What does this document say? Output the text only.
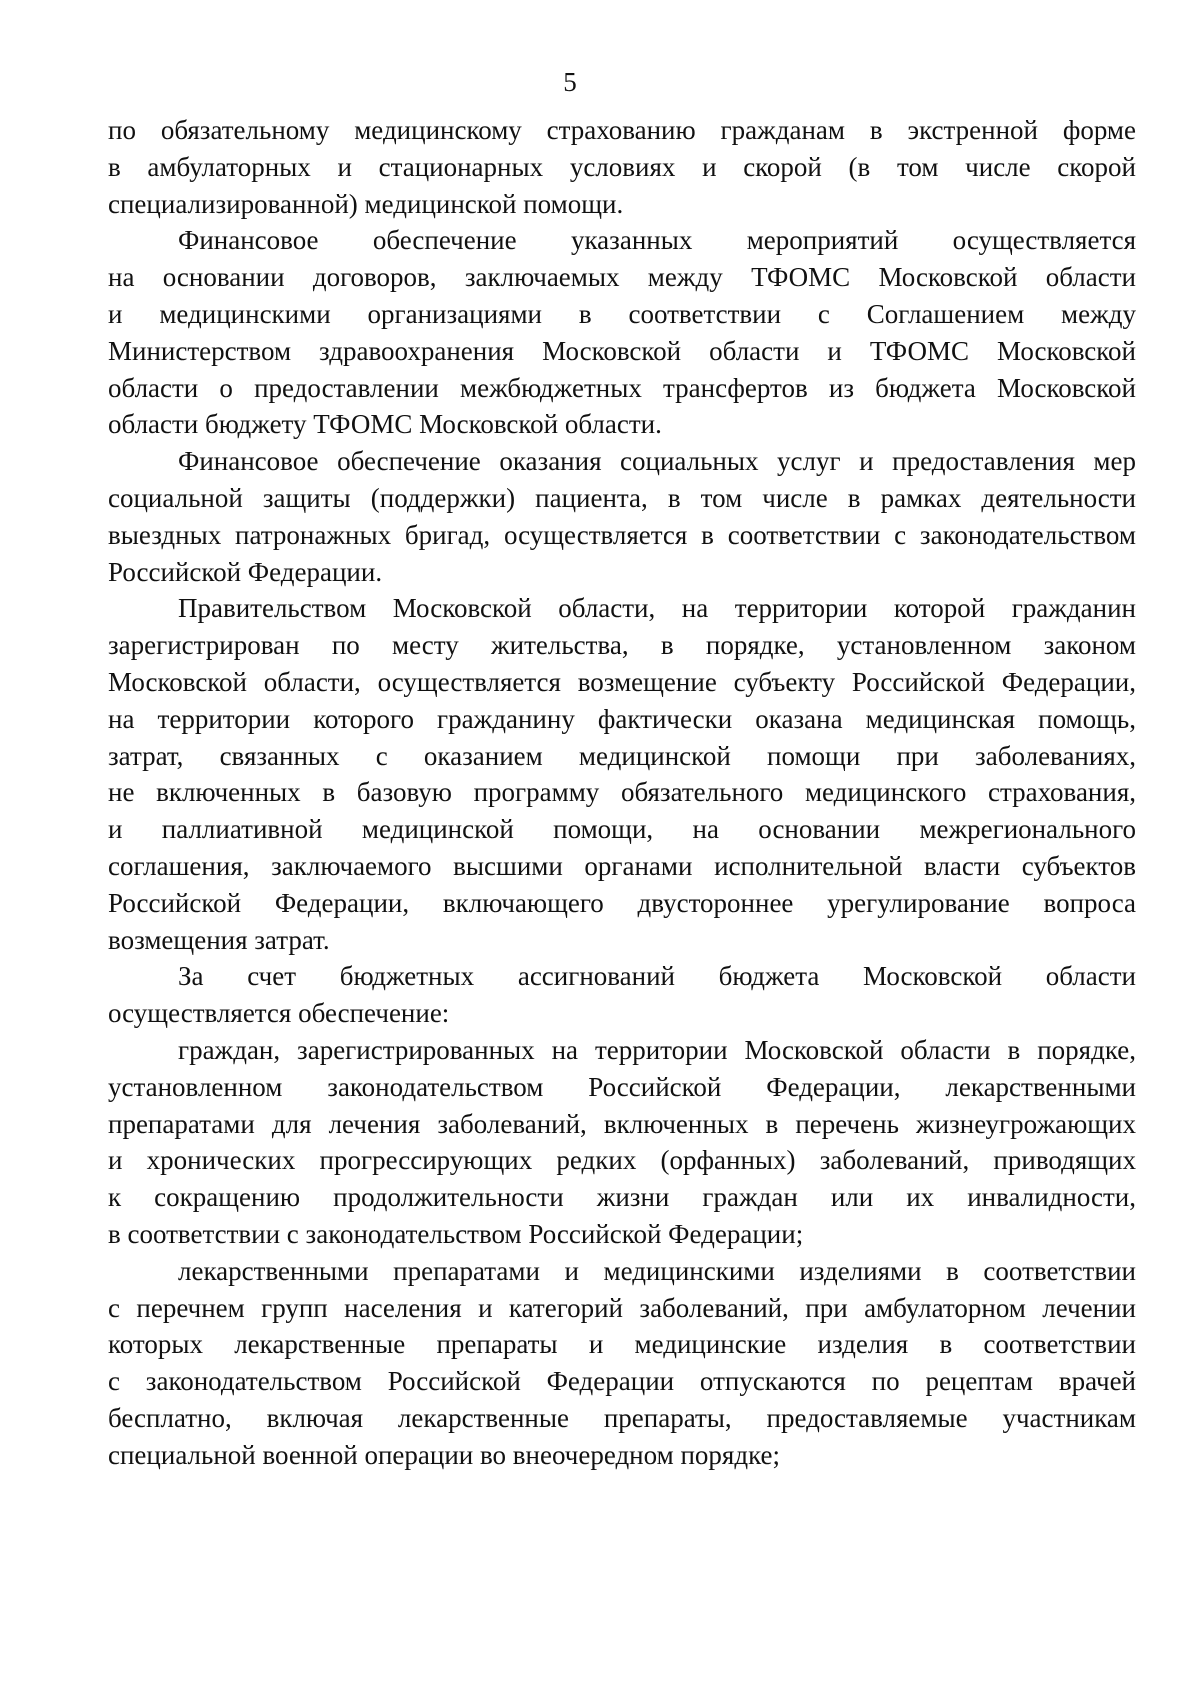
5
по обязательному медицинскому страхованию гражданам в экстренной форме
в амбулаторных и стационарных условиях и скорой (в том числе скорой
специализированной) медицинской помощи.
Финансовое обеспечение указанных мероприятий осуществляется
на основании договоров, заключаемых между ТФОМС Московской области
и медицинскими организациями в соответствии с Соглашением между
Министерством здравоохранения Московской области и ТФОМС Московской
области о предоставлении межбюджетных трансфертов из бюджета Московской
области бюджету ТФОМС Московской области.
Финансовое обеспечение оказания социальных услуг и предоставления мер
социальной защиты (поддержки) пациента, в том числе в рамках деятельности
выездных патронажных бригад, осуществляется в соответствии с законодательством
Российской Федерации.
Правительством Московской области, на территории которой гражданин
зарегистрирован по месту жительства, в порядке, установленном законом
Московской области, осуществляется возмещение субъекту Российской Федерации,
на территории которого гражданину фактически оказана медицинская помощь,
затрат, связанных с оказанием медицинской помощи при заболеваниях,
не включенных в базовую программу обязательного медицинского страхования,
и паллиативной медицинской помощи, на основании межрегионального
соглашения, заключаемого высшими органами исполнительной власти субъектов
Российской Федерации, включающего двустороннее урегулирование вопроса
возмещения затрат.
За счет бюджетных ассигнований бюджета Московской области
осуществляется обеспечение:
граждан, зарегистрированных на территории Московской области в порядке,
установленном законодательством Российской Федерации, лекарственными
препаратами для лечения заболеваний, включенных в перечень жизнеугрожающих
и хронических прогрессирующих редких (орфанных) заболеваний, приводящих
к сокращению продолжительности жизни граждан или их инвалидности,
в соответствии с законодательством Российской Федерации;
лекарственными препаратами и медицинскими изделиями в соответствии
с перечнем групп населения и категорий заболеваний, при амбулаторном лечении
которых лекарственные препараты и медицинские изделия в соответствии
с законодательством Российской Федерации отпускаются по рецептам врачей
бесплатно, включая лекарственные препараты, предоставляемые участникам
специальной военной операции во внеочередном порядке;
